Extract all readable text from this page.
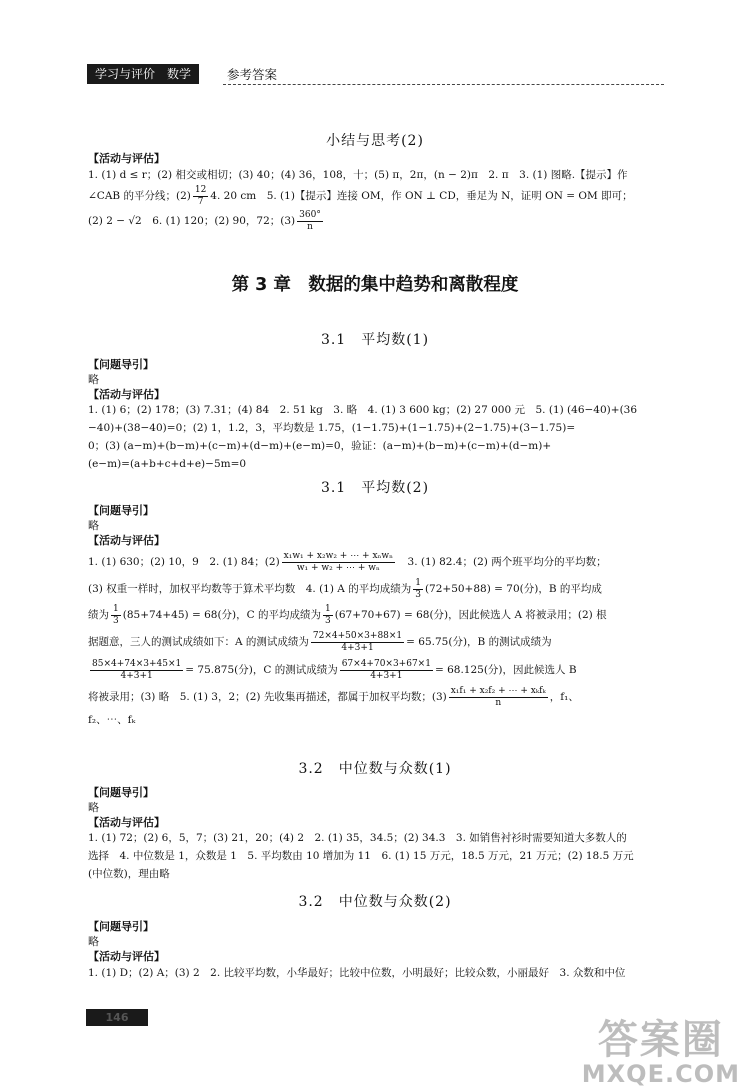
学习与评价　 数学	参考答案
小结与思考(2)
【活动与评估】
1. (1) d ≤ r；(2) 相交或相切；(3) 40；(4) 36，108，十；(5) π，2π，(n − 2)π　2. π　3. (1) 图略.【提示】作
∠CAB 的平分线；$(2) \frac{12}{7} 4$. 20 cm　5. (1)【提示】连接 OM，作 ON ⊥ CD，垂足为 N，证明 ON = OM 即可；
(2) 2 − √2　6. (1) 120；(2) 90，72；$(3) \frac{360^\circ}{n}$
第 3 章　数据的集中趋势和离散程度
3.1　平均数(1)
【问题导引】
略
【活动与评估】
1. (1) 6；(2) 178；(3) 7.31；(4) 84　2. 51 kg　3. 略　4. (1) 3 600 kg；(2) 27 000 元　5. (1) (46−40)+(36
−40)+(38−40)=0；(2) 1，1.2，3，平均数是 1.75，(1−1.75)+(1−1.75)+(2−1.75)+(3−1.75)=
0；(3) (a−m)+(b−m)+(c−m)+(d−m)+(e−m)=0，验证：(a−m)+(b−m)+(c−m)+(d−m)+
(e−m)=(a+b+c+d+e)−5m=0
3.1　平均数(2)
【问题导引】
略
【活动与评估】
1. (1) 630；(2) 10，9　2. (1) 84；$(2) \frac{\text{x₁w₁ + x₂w₂ + ⋯ + xₙwₙ}}{\text{w₁ + w₂ + ⋯ + wₙ}}$
　 3. (1) 82.4；(2) 两个班平均分的平均数；
(3) 权重一样时，加权平均数等于算术平均数　4. (1) A 的平均成绩为 $\frac{1}{3} (72+50+88) = 70$(分)，B 的平均成
绩为 $\frac{1}{3} (85+74+45) = 68$(分)，C 的平均成绩为 $\frac{1}{3} (67+70+67) = 68$(分)，因此候选人 A 将被录用；(2) 根
据题意，三人的测试成绩如下：A 的测试成绩为 $\frac{72\times 4+50\times 3+88\times 1}{4+3+1} = 65.75$(分)，B 的测试成绩为
$\frac{85\times 4+74\times 3+45\times 1}{4+3+1} = 75.875$(分)，C 的测试成绩为 $\frac{67\times 4+70\times 3+67\times 1}{4+3+1} = 68.125$(分)，因此候选人 B
将被录用；(3) 略　5. (1) 3，2；(2) 先收集再描述，都属于加权平均数；$(3) \frac{\text{x₁f₁ + x₂f₂ + ⋯ + xₖfₖ}}{n}$ ，f₁、
f₂、⋯、fₖ
3.2　中位数与众数(1)
【问题导引】
略
【活动与评估】
1. (1) 72；(2) 6，5，7；(3) 21，20；(4) 2　2. (1) 35，34.5；(2) 34.3　3. 如销售衬衫时需要知道大多数人的
选择　4. 中位数是 1，众数是 1　5. 平均数由 10 增加为 11　6. (1) 15 万元，18.5 万元，21 万元；(2) 18.5 万元
(中位数)，理由略
3.2　中位数与众数(2)
【问题导引】
略
【活动与评估】
1. (1) D；(2) A；(3) 2　2. 比较平均数，小华最好；比较中位数，小明最好；比较众数，小丽最好　3. 众数和中位
146	答案圈
MXQE.COM
